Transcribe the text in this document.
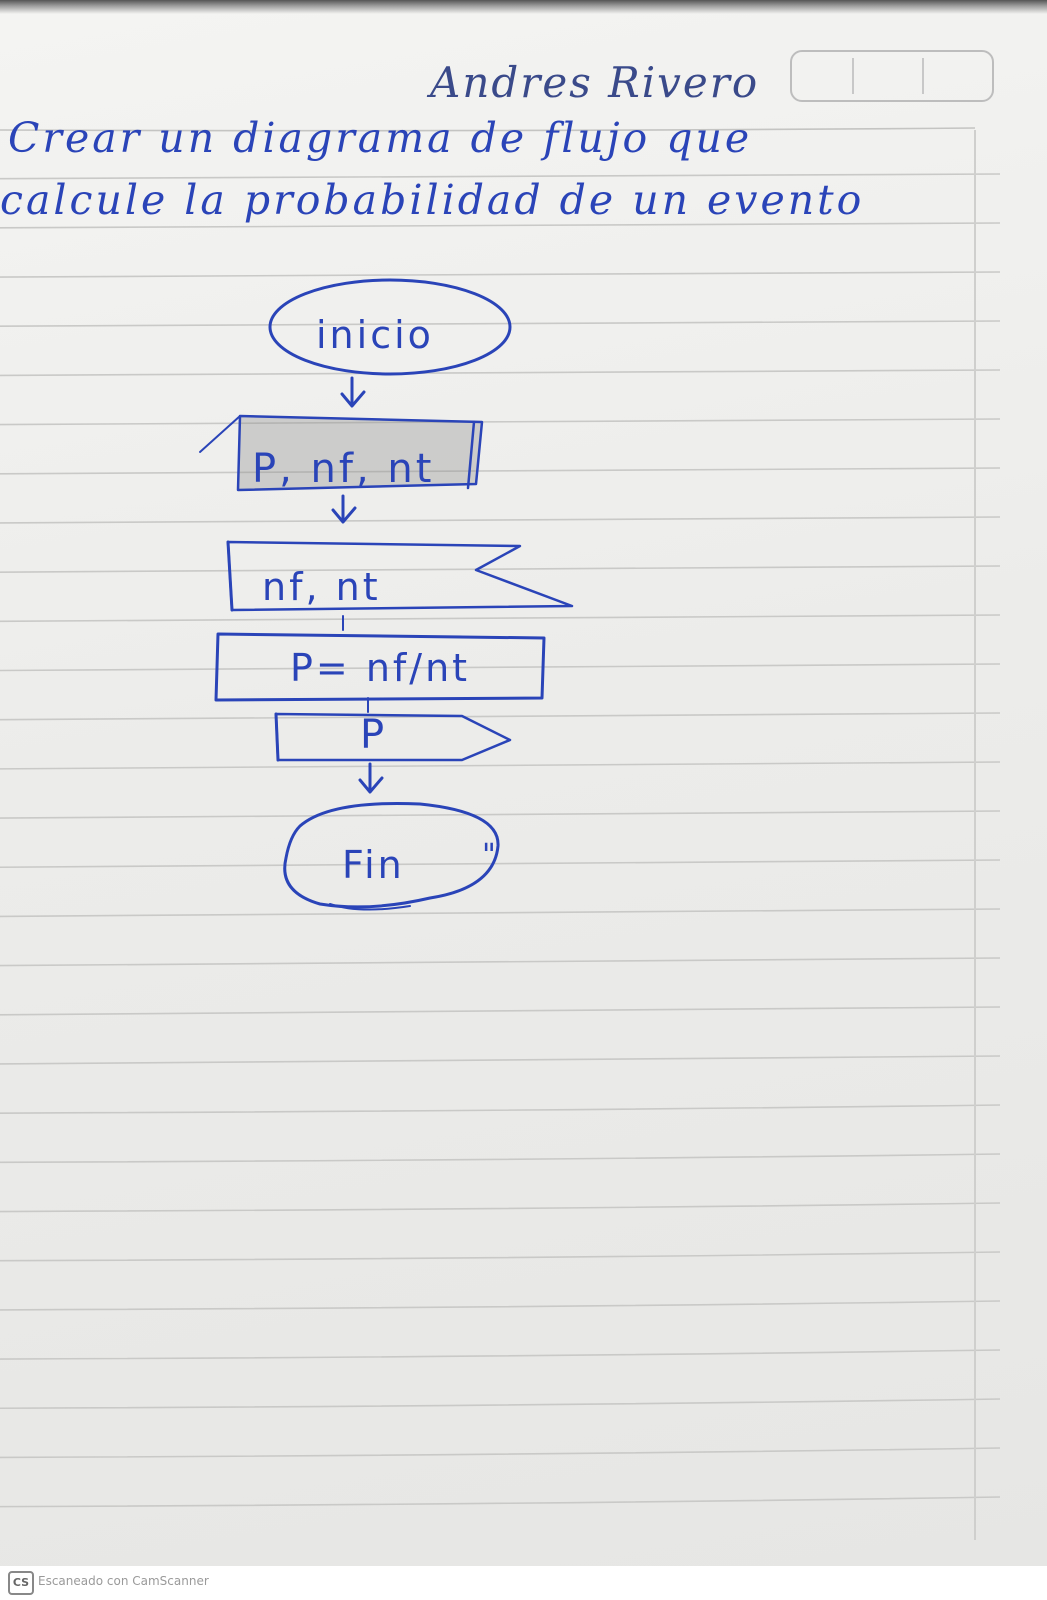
Andres Rivero
Crear un diagrama de flujo que
calcule la probabilidad de un evento
inicio
P, nf, nt
nf, nt
P= nf/nt
P
Fin	"
CS Escaneado con CamScanner
